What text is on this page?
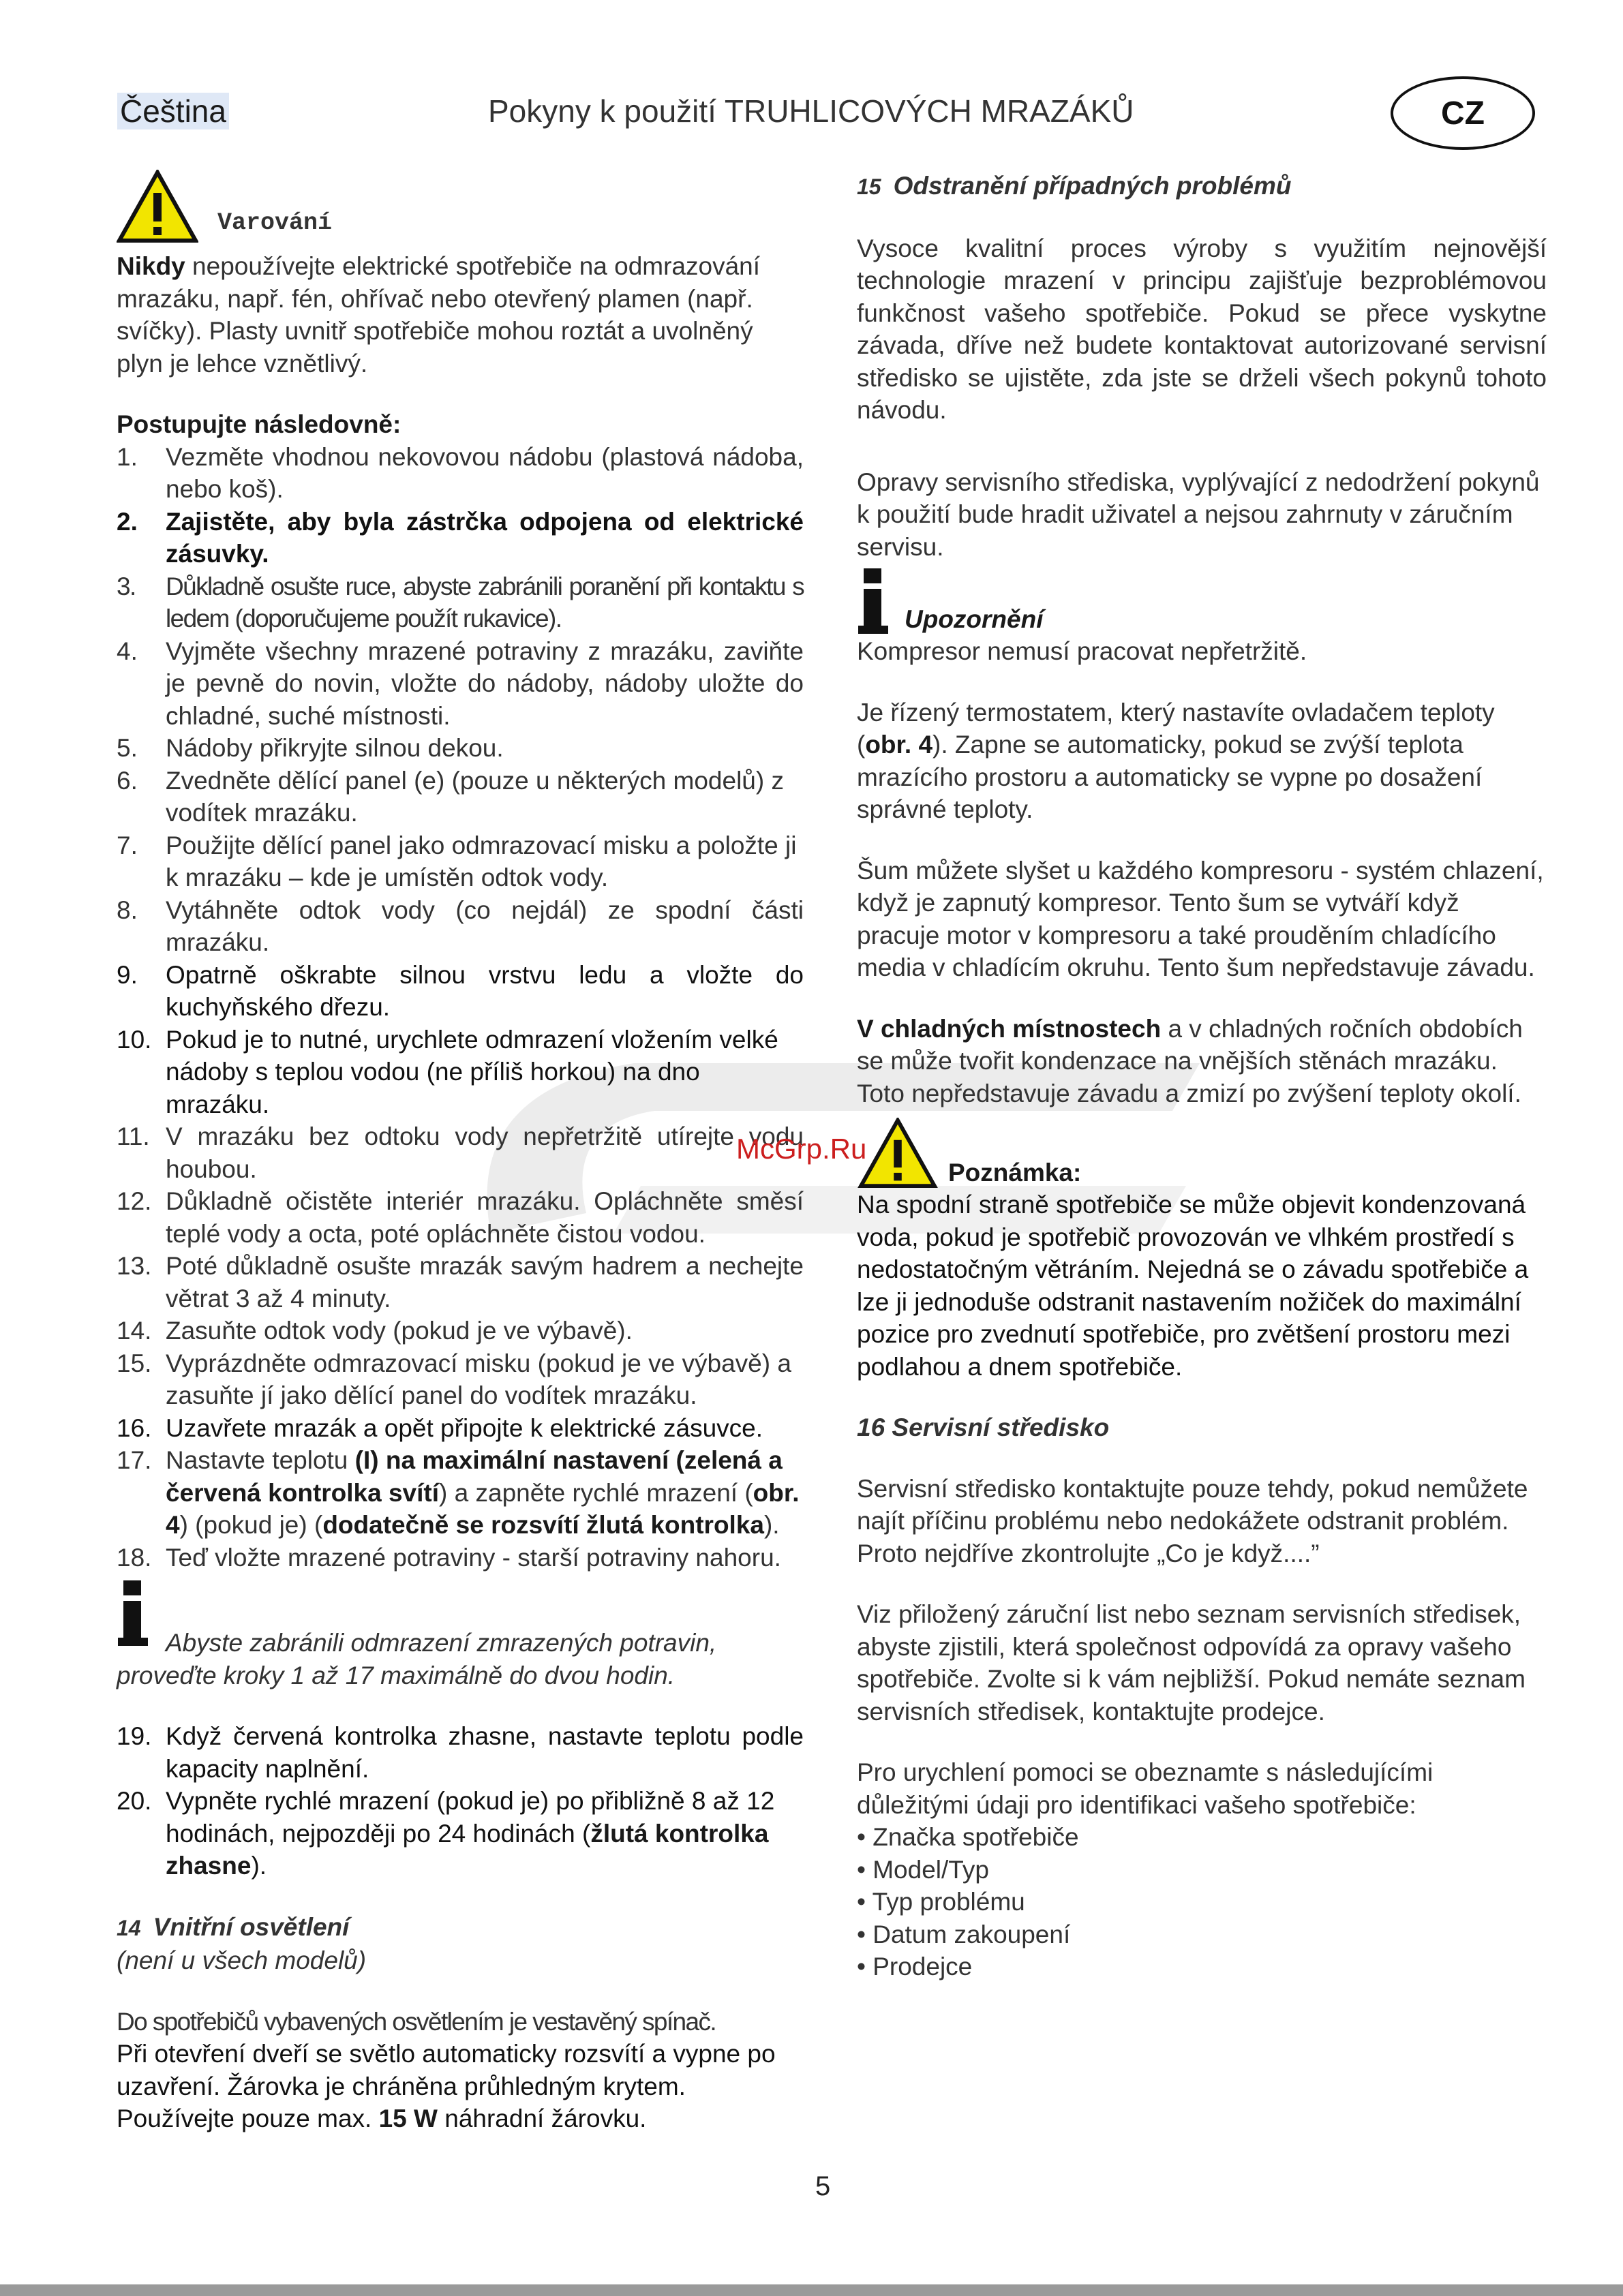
Čeština	Pokyny k použití TRUHLICOVÝCH MRAZÁKŮ	CZ
Varování

Nikdy nepoužívejte elektrické spotřebiče na odmrazování mrazáku, např. fén, ohřívač nebo otevřený plamen (např. svíčky). Plasty uvnitř spotřebiče mohou roztát a uvolněný plyn je lehce vznětlivý.

Postupujte následovně:

1. Vezměte vhodnou nekovovou nádobu (plastová nádoba, nebo koš).
2. Zajistěte, aby byla zástrčka odpojena od elektrické zásuvky.
3. Důkladně osušte ruce, abyste zabránili poranění při kontaktu s ledem (doporučujeme použít rukavice).
4. Vyjměte všechny mrazené potraviny z mrazáku, zaviňte je pevně do novin, vložte do nádoby, nádoby uložte do chladné, suché místnosti.
5. Nádoby přikryjte silnou dekou.
6. Zvedněte dělící panel (e) (pouze u některých modelů) z vodítek mrazáku.
7. Použijte dělící panel jako odmrazovací misku a položte ji k mrazáku – kde je umístěn odtok vody.
8. Vytáhněte odtok vody (co nejdál) ze spodní části mrazáku.
9. Opatrně oškrabte silnou vrstvu ledu a vložte do kuchyňského dřezu.
10. Pokud je to nutné, urychlete odmrazení vložením velké nádoby s teplou vodou (ne příliš horkou) na dno mrazáku.
11. V mrazáku bez odtoku vody nepřetržitě utírejte vodu houbou.
12. Důkladně očistěte interiér mrazáku. Opláchněte směsí teplé vody a octa, poté opláchněte čistou vodou.
13. Poté důkladně osušte mrazák savým hadrem a nechejte větrat 3 až 4 minuty.
14. Zasuňte odtok vody (pokud je ve výbavě).
15. Vyprázdněte odmrazovací misku (pokud je ve výbavě) a zasuňte jí jako dělící panel do vodítek mrazáku.
16. Uzavřete mrazák a opět připojte k elektrické zásuvce.
17. Nastavte teplotu (I) na maximální nastavení (zelená a červená kontrolka svítí) a zapněte rychlé mrazení (obr. 4) (pokud je) (dodatečně se rozsvítí žlutá kontrolka).
18. Teď vložte mrazené potraviny - starší potraviny nahoru.

Abyste zabránili odmrazení zmrazených potravin, proveďte kroky 1 až 17 maximálně do dvou hodin.

19. Když červená kontrolka zhasne, nastavte teplotu podle kapacity naplnění.
20. Vypněte rychlé mrazení (pokud je) po přibližně 8 až 12 hodinách, nejpozději po 24 hodinách (žlutá kontrolka zhasne).

14 Vnitřní osvětlení

(není u všech modelů)

Do spotřebičů vybavených osvětlením je vestavěný spínač.

Při otevření dveří se světlo automaticky rozsvítí a vypne po uzavření. Žárovka je chráněna průhledným krytem. Používejte pouze max. 15 W náhradní žárovku.

15 Odstranění případných problémů

Vysoce kvalitní proces výroby s využitím nejnovější technologie mrazení v principu zajišťuje bezproblémovou funkčnost vašeho spotřebiče. Pokud se přece vyskytne závada, dříve než budete kontaktovat autorizované servisní středisko se ujistěte, zda jste se drželi všech pokynů tohoto návodu.

Opravy servisního střediska, vyplývající z nedodržení pokynů k použití bude hradit uživatel a nejsou zahrnuty v záručním servisu.

Upozornění

Kompresor nemusí pracovat nepřetržitě.

Je řízený termostatem, který nastavíte ovladačem teploty (obr. 4). Zapne se automaticky, pokud se zvýší teplota mrazícího prostoru a automaticky se vypne po dosažení správné teploty.

Šum můžete slyšet u každého kompresoru - systém chlazení, když je zapnutý kompresor. Tento šum se vytváří když pracuje motor v kompresoru a také prouděním chladícího media v chladícím okruhu. Tento šum nepředstavuje závadu.

V chladných místnostech a v chladných ročních obdobích se může tvořit kondenzace na vnějších stěnách mrazáku. Toto nepředstavuje závadu a zmizí po zvýšení teploty okolí.

Poznámka:

Na spodní straně spotřebiče se může objevit kondenzovaná voda, pokud je spotřebič provozován ve vlhkém prostředí s nedostatočným větráním. Nejedná se o závadu spotřebiče a lze ji jednoduše odstranit nastavením nožiček do maximální pozice pro zvednutí spotřebiče, pro zvětšení prostoru mezi podlahou a dnem spotřebiče.

16 Servisní středisko

Servisní středisko kontaktujte pouze tehdy, pokud nemůžete najít příčinu problému nebo nedokážete odstranit problém. Proto nejdříve zkontrolujte „Co je když....”

Viz přiložený záruční list nebo seznam servisních středisek, abyste zjistili, která společnost odpovídá za opravy vašeho spotřebiče. Zvolte si k vám nejbližší. Pokud nemáte seznam servisních středisek, kontaktujte prodejce.

Pro urychlení pomoci se obeznamte s následujícími důležitými údaji pro identifikaci vašeho spotřebiče:

• Značka spotřebiče

• Model/Typ

• Typ problému

• Datum zakoupení

• Prodejce

McGrp.Ru
5
